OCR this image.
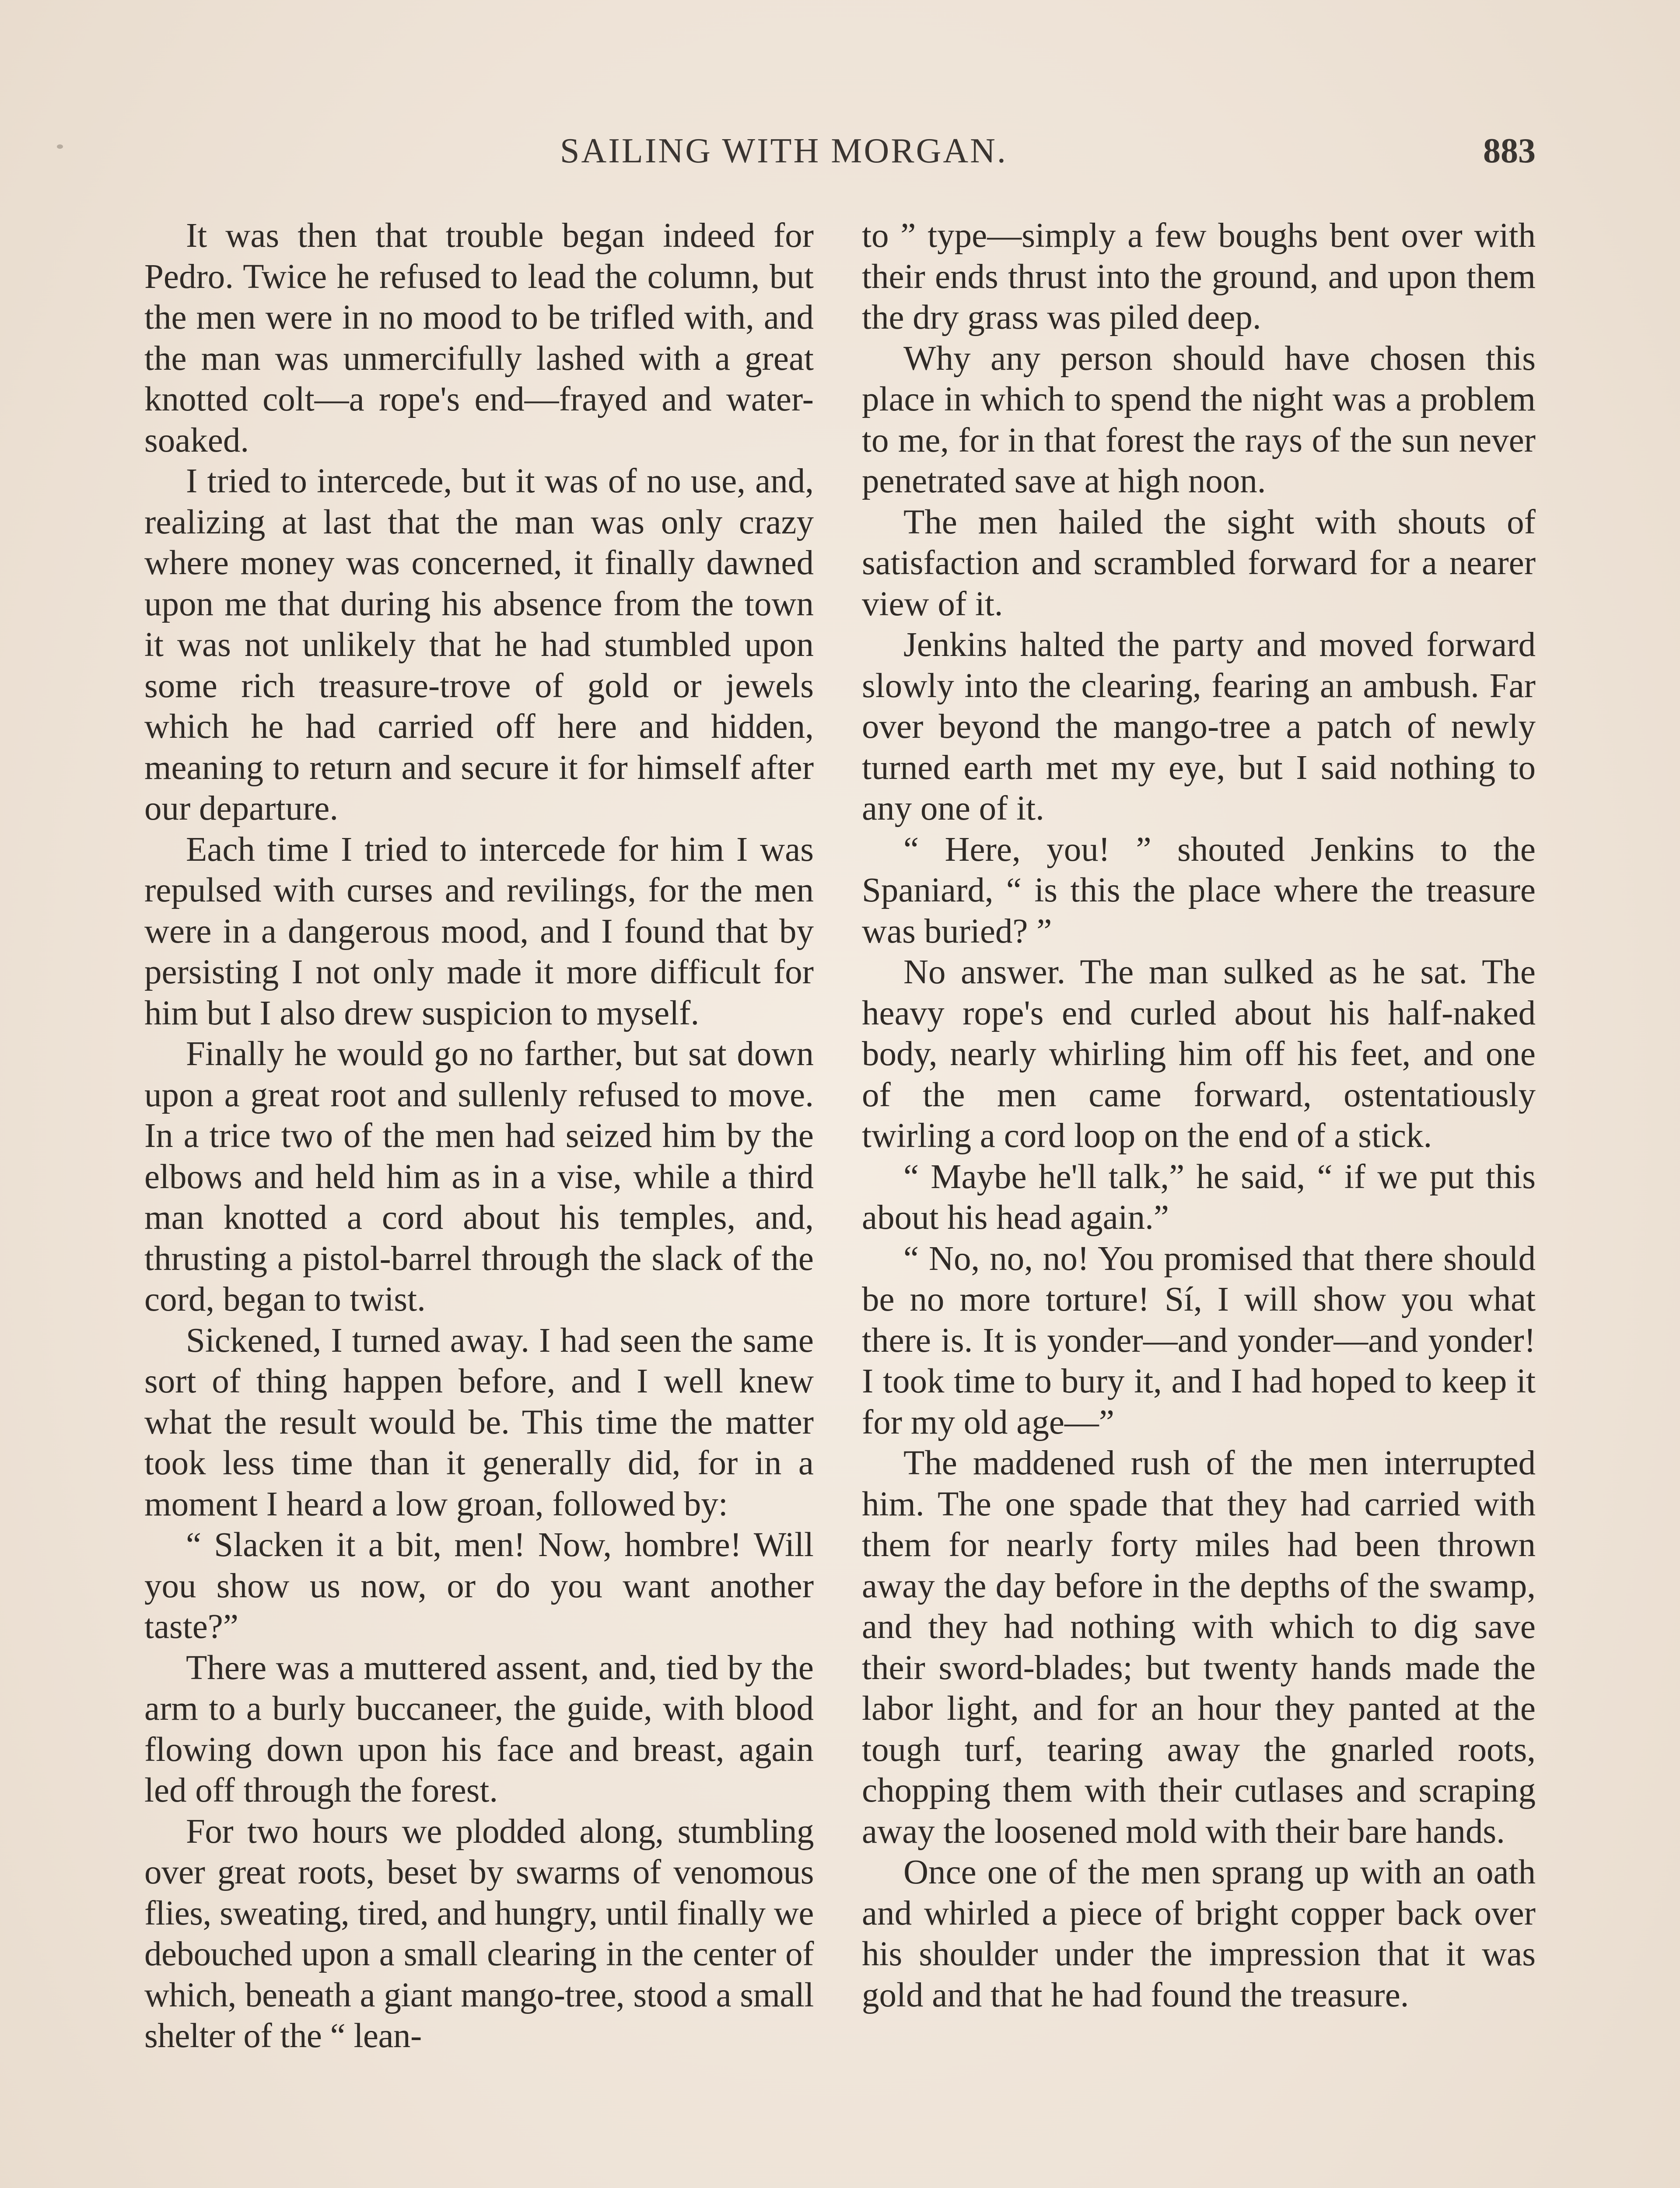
SAILING WITH MORGAN.	883

It was then that trouble began indeed for Pedro. Twice he refused to lead the column, but the men were in no mood to be trifled with, and the man was unmercifully lashed with a great knotted colt—a rope's end—frayed and water-soaked.

I tried to intercede, but it was of no use, and, realizing at last that the man was only crazy where money was concerned, it finally dawned upon me that during his absence from the town it was not unlikely that he had stumbled upon some rich treasure-trove of gold or jewels which he had carried off here and hidden, meaning to return and secure it for himself after our departure.

Each time I tried to intercede for him I was repulsed with curses and revilings, for the men were in a dangerous mood, and I found that by persisting I not only made it more difficult for him but I also drew suspicion to myself.

Finally he would go no farther, but sat down upon a great root and sullenly refused to move. In a trice two of the men had seized him by the elbows and held him as in a vise, while a third man knotted a cord about his temples, and, thrusting a pistol-barrel through the slack of the cord, began to twist.

Sickened, I turned away. I had seen the same sort of thing happen before, and I well knew what the result would be. This time the matter took less time than it generally did, for in a moment I heard a low groan, followed by:

“ Slacken it a bit, men! Now, hombre! Will you show us now, or do you want another taste?”

There was a muttered assent, and, tied by the arm to a burly buccaneer, the guide, with blood flowing down upon his face and breast, again led off through the forest.

For two hours we plodded along, stumbling over great roots, beset by swarms of venomous flies, sweating, tired, and hungry, until finally we debouched upon a small clearing in the center of which, beneath a giant mango-tree, stood a small shelter of the “ lean-

to ” type—simply a few boughs bent over with their ends thrust into the ground, and upon them the dry grass was piled deep.

Why any person should have chosen this place in which to spend the night was a problem to me, for in that forest the rays of the sun never penetrated save at high noon.

The men hailed the sight with shouts of satisfaction and scrambled forward for a nearer view of it.

Jenkins halted the party and moved forward slowly into the clearing, fearing an ambush. Far over beyond the mango-tree a patch of newly turned earth met my eye, but I said nothing to any one of it.

“ Here, you! ” shouted Jenkins to the Spaniard, “ is this the place where the treasure was buried? ”

No answer. The man sulked as he sat. The heavy rope's end curled about his half-naked body, nearly whirling him off his feet, and one of the men came forward, ostentatiously twirling a cord loop on the end of a stick.

“ Maybe he'll talk,” he said, “ if we put this about his head again.”

“ No, no, no! You promised that there should be no more torture! Sí, I will show you what there is. It is yonder—and yonder—and yonder! I took time to bury it, and I had hoped to keep it for my old age—”

The maddened rush of the men interrupted him. The one spade that they had carried with them for nearly forty miles had been thrown away the day before in the depths of the swamp, and they had nothing with which to dig save their sword-blades; but twenty hands made the labor light, and for an hour they panted at the tough turf, tearing away the gnarled roots, chopping them with their cutlases and scraping away the loosened mold with their bare hands.

Once one of the men sprang up with an oath and whirled a piece of bright copper back over his shoulder under the impression that it was gold and that he had found the treasure.
